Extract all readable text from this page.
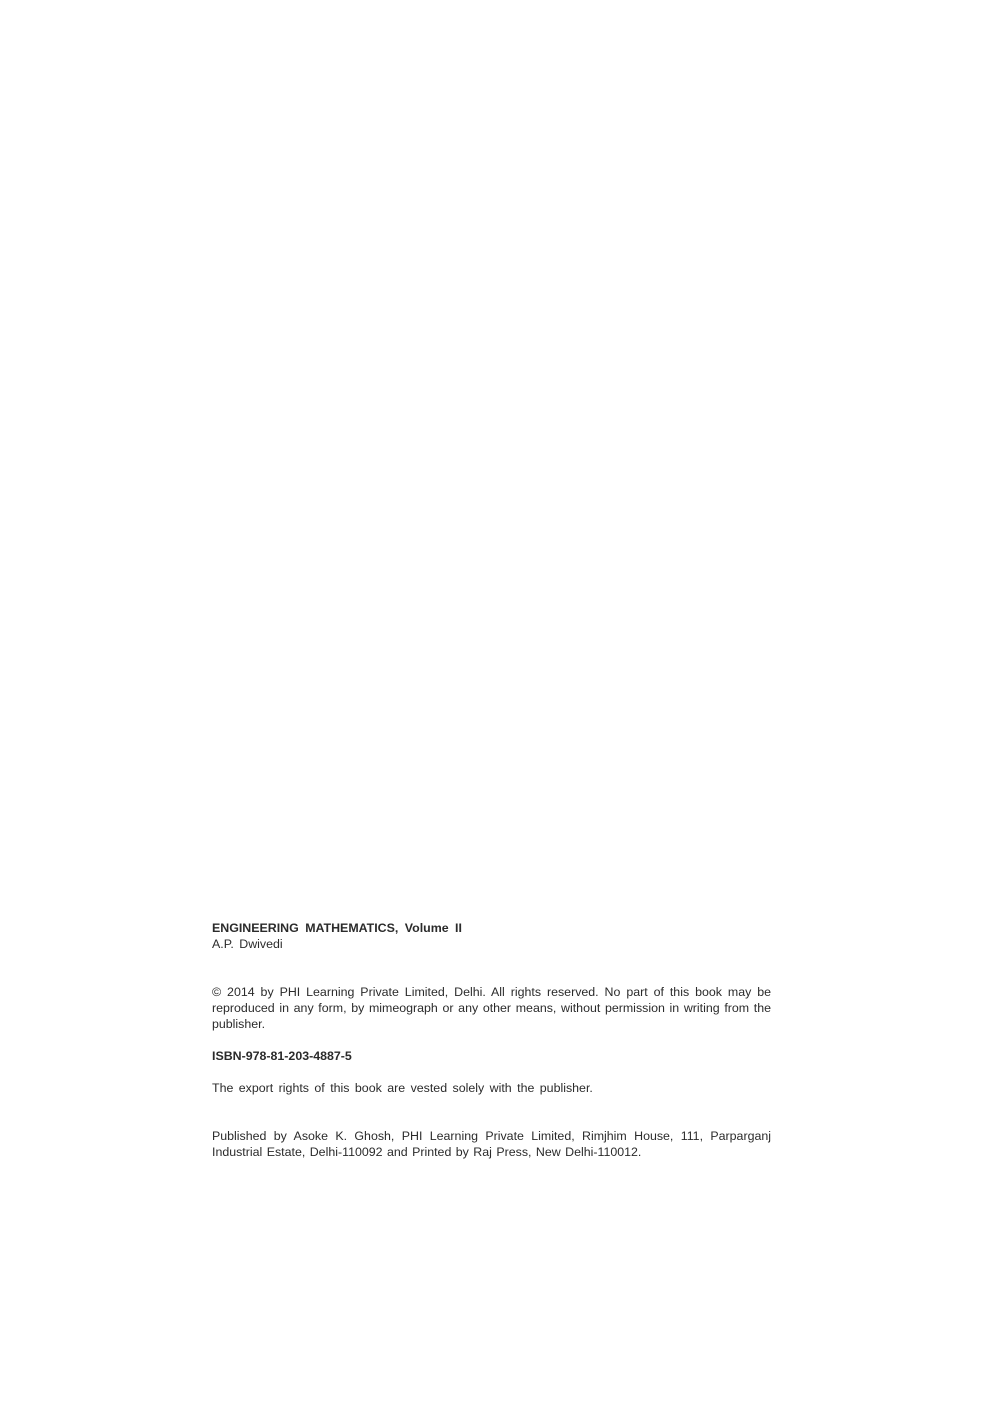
ENGINEERING MATHEMATICS, Volume II

A.P. Dwivedi

© 2014 by PHI Learning Private Limited, Delhi. All rights reserved. No part of this book may be reproduced in any form, by mimeograph or any other means, without permission in writing from the publisher.

ISBN-978-81-203-4887-5

The export rights of this book are vested solely with the publisher.

Published by Asoke K. Ghosh, PHI Learning Private Limited, Rimjhim House, 111, Parparganj Industrial Estate, Delhi-110092 and Printed by Raj Press, New Delhi-110012.
